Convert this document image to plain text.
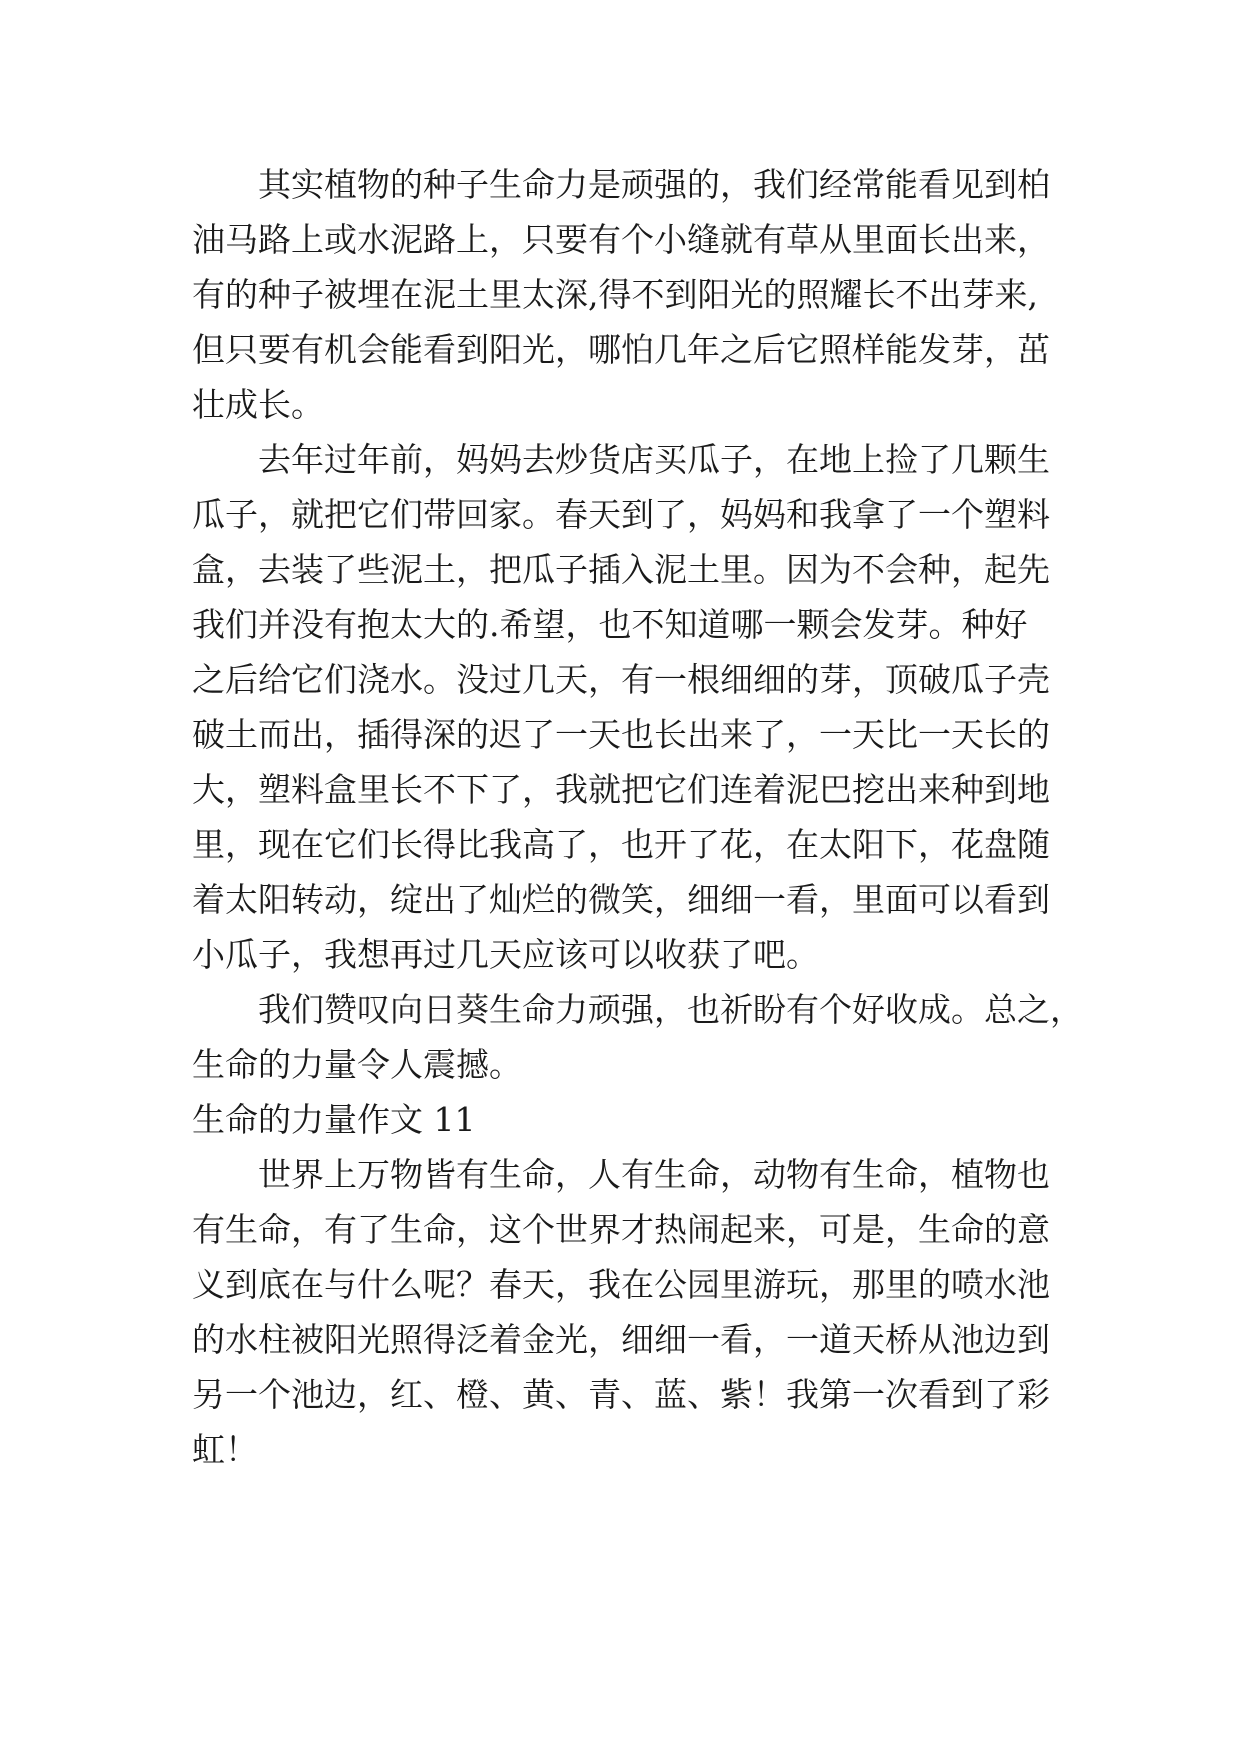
其实植物的种子生命力是顽强的，我们经常能看见到柏
油马路上或水泥路上，只要有个小缝就有草从里面长出来，
有的种子被埋在泥土里太深,得不到阳光的照耀长不出芽来,
但只要有机会能看到阳光，哪怕几年之后它照样能发芽，茁
壮成长。
去年过年前，妈妈去炒货店买瓜子，在地上捡了几颗生
瓜子，就把它们带回家。春天到了，妈妈和我拿了一个塑料
盒，去装了些泥土，把瓜子插入泥土里。因为不会种，起先
我们并没有抱太大的.希望，也不知道哪一颗会发芽。种好
之后给它们浇水。没过几天，有一根细细的芽，顶破瓜子壳
破土而出，插得深的迟了一天也长出来了，一天比一天长的
大，塑料盒里长不下了，我就把它们连着泥巴挖出来种到地
里，现在它们长得比我高了，也开了花，在太阳下，花盘随
着太阳转动，绽出了灿烂的微笑，细细一看，里面可以看到
小瓜子，我想再过几天应该可以收获了吧。
我们赞叹向日葵生命力顽强，也祈盼有个好收成。总之，
生命的力量令人震撼。
生命的力量作文 11
世界上万物皆有生命，人有生命，动物有生命，植物也
有生命，有了生命，这个世界才热闹起来，可是，生命的意
义到底在与什么呢？春天，我在公园里游玩，那里的喷水池
的水柱被阳光照得泛着金光，细细一看，一道天桥从池边到
另一个池边，红、橙、黄、青、蓝、紫！我第一次看到了彩
虹！
